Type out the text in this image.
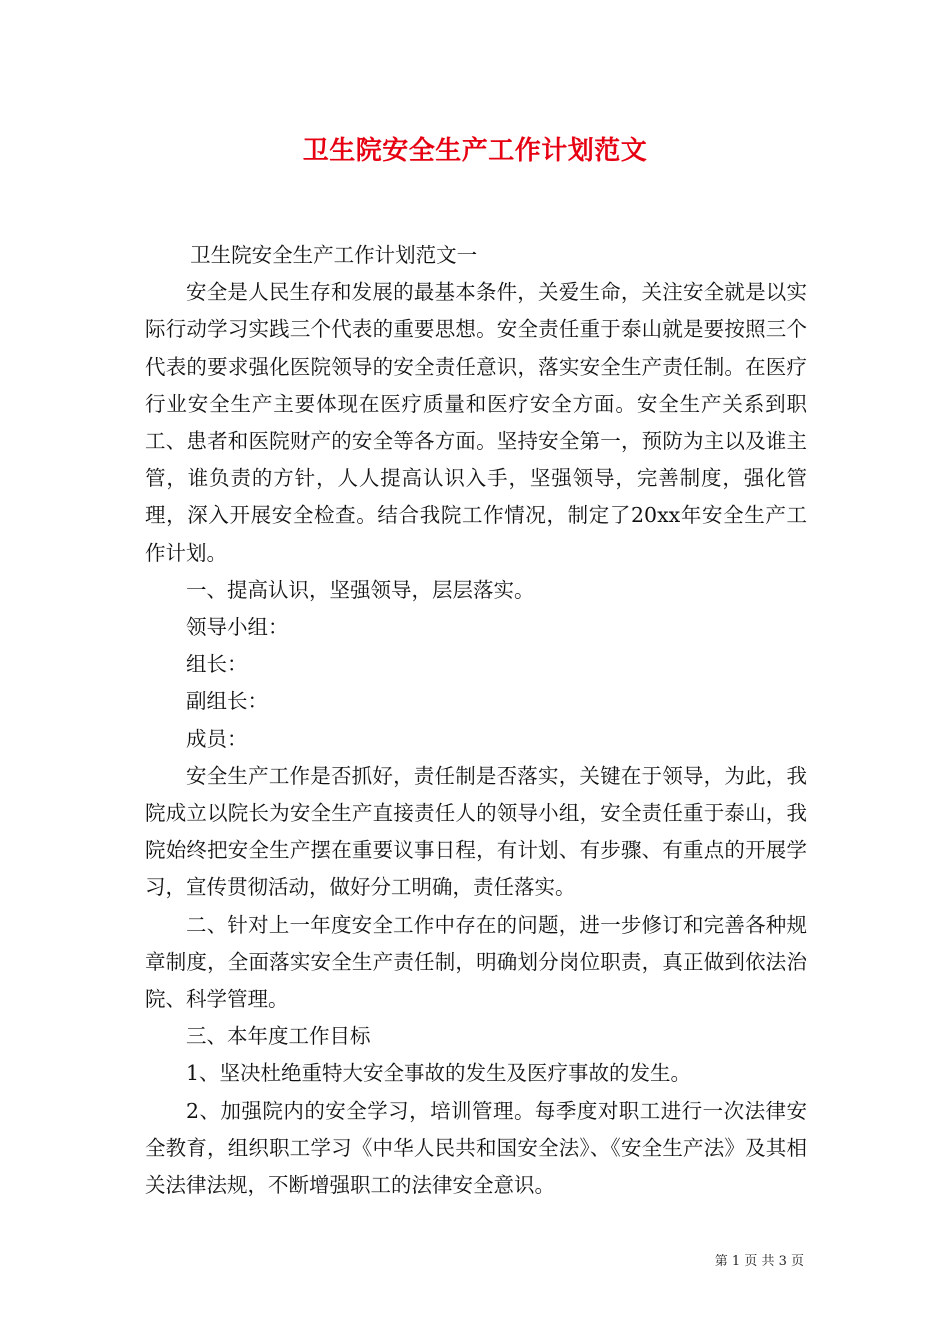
卫生院安全生产工作计划范文

卫生院安全生产工作计划范文一

安全是人民生存和发展的最基本条件，关爱生命，关注安全就是以实际行动学习实践三个代表的重要思想。安全责任重于泰山就是要按照三个代表的要求强化医院领导的安全责任意识，落实安全生产责任制。在医疗行业安全生产主要体现在医疗质量和医疗安全方面。安全生产关系到职工、患者和医院财产的安全等各方面。坚持安全第一，预防为主以及谁主管，谁负责的方针，人人提高认识入手，坚强领导，完善制度，强化管理，深入开展安全检查。结合我院工作情况，制定了20xx年安全生产工作计划。

一、提高认识，坚强领导，层层落实。

领导小组：

组长：

副组长：

成员：

安全生产工作是否抓好，责任制是否落实，关键在于领导，为此，我院成立以院长为安全生产直接责任人的领导小组，安全责任重于泰山，我院始终把安全生产摆在重要议事日程，有计划、有步骤、有重点的开展学习，宣传贯彻活动，做好分工明确，责任落实。

二、针对上一年度安全工作中存在的问题，进一步修订和完善各种规章制度，全面落实安全生产责任制，明确划分岗位职责，真正做到依法治院、科学管理。

三、本年度工作目标

1、坚决杜绝重特大安全事故的发生及医疗事故的发生。

2、加强院内的安全学习，培训管理。每季度对职工进行一次法律安全教育，组织职工学习《中华人民共和国安全法》、《安全生产法》及其相关法律法规，不断增强职工的法律安全意识。

第 1 页 共 3 页
